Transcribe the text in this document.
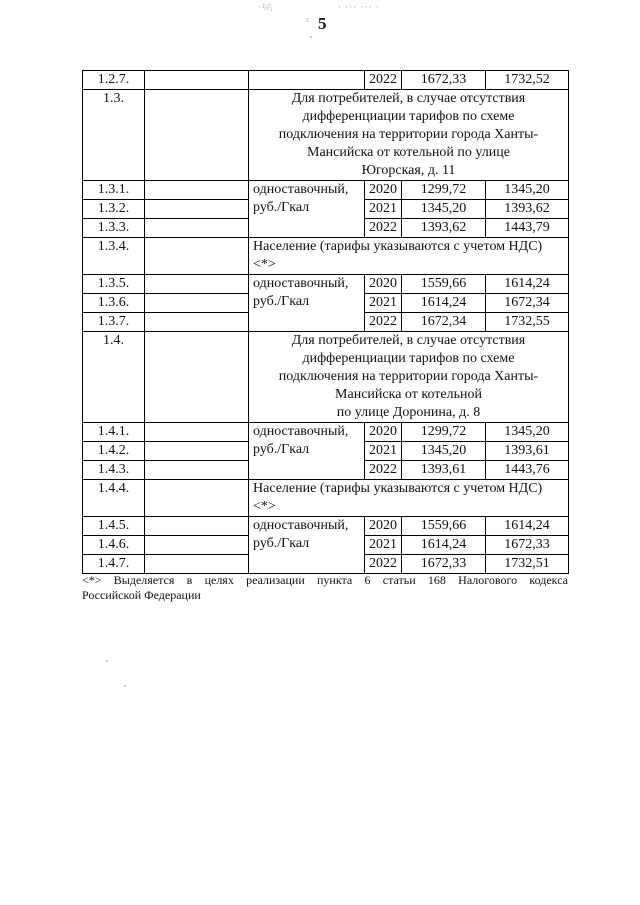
·²⁄⁄ᵢ	· ··· ··· ·
² 5
1.2.7.			2022	1672,33	1732,52
1.3.		Для потребителей, в случае отсутствия
дифференциации тарифов по схеме
подключения на территории города Ханты-
Мансийска от котельной по улице
Югорская, д. 11			

1.3.1.		одноставочный,
руб./Гкал	2020	1299,72	1345,20
1.3.2.			2021	1345,20	1393,62
1.3.3.			2022	1393,62	1443,79
1.3.4.		Население (тарифы указываются с учетом НДС)
<*>			

1.3.5.		одноставочный,
руб./Гкал	2020	1559,66	1614,24
1.3.6.			2021	1614,24	1672,34
1.3.7.			2022	1672,34	1732,55
1.4.		Для потребителей, в случае отсутствия
дифференциации тарифов по схеме
подключения на территории города Ханты-
Мансийска от котельной
по улице Доронина, д. 8			

1.4.1.		одноставочный,
руб./Гкал	2020	1299,72	1345,20
1.4.2.			2021	1345,20	1393,61
1.4.3.			2022	1393,61	1443,76
1.4.4.		Население (тарифы указываются с учетом НДС)
<*>			

1.4.5.		одноставочный,
руб./Гкал	2020	1559,66	1614,24
1.4.6.			2021	1614,24	1672,33
1.4.7.			2022	1672,33	1732,51
<*> Выделяется в целях реализации пункта 6 статьи 168 Налогового кодекса
Российской Федерации
